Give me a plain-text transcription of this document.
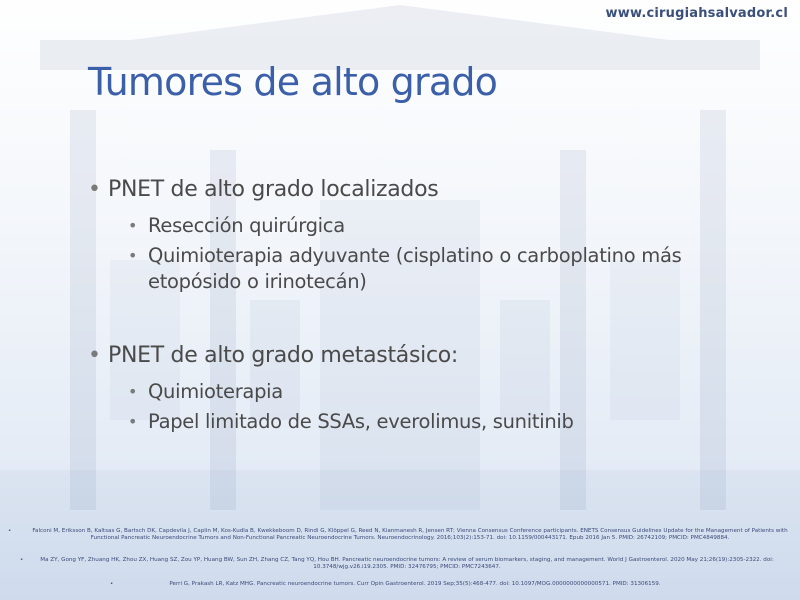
www.cirugiahsalvador.cl
Tumores de alto grado
• PNET de alto grado localizados
• Resección quirúrgica
• Quimioterapia adyuvante (cisplatino o carboplatino más etopósido o irinotecán)
• PNET de alto grado metastásico:
• Quimioterapia
• Papel limitado de SSAs, everolimus, sunitinib
•	Falconi M, Eriksson B, Kaltsas G, Bartsch DK, Capdevila J, Caplin M, Kos-Kudla B, Kwekkeboom D, Rindi G, Klöppel G, Reed N, Kianmanesh R, Jensen RT; Vienna Consensus Conference participants. ENETS Consensus Guidelines Update for the Management of Patients with Functional Pancreatic Neuroendocrine Tumors and Non-Functional Pancreatic Neuroendocrine Tumors. Neuroendocrinology. 2016;103(2):153-71. doi: 10.1159/000443171. Epub 2016 Jan 5. PMID: 26742109; PMCID: PMC4849884.
•	Ma ZY, Gong YF, Zhuang HK, Zhou ZX, Huang SZ, Zou YP, Huang BW, Sun ZH, Zhang CZ, Tang YQ, Hou BH. Pancreatic neuroendocrine tumors: A review of serum biomarkers, staging, and management. World J Gastroenterol. 2020 May 21;26(19):2305-2322. doi: 10.3748/wjg.v26.i19.2305. PMID: 32476795; PMCID: PMC7243647.
•	Perri G, Prakash LR, Katz MHG. Pancreatic neuroendocrine tumors. Curr Opin Gastroenterol. 2019 Sep;35(5):468-477. doi: 10.1097/MOG.0000000000000571. PMID: 31306159.
